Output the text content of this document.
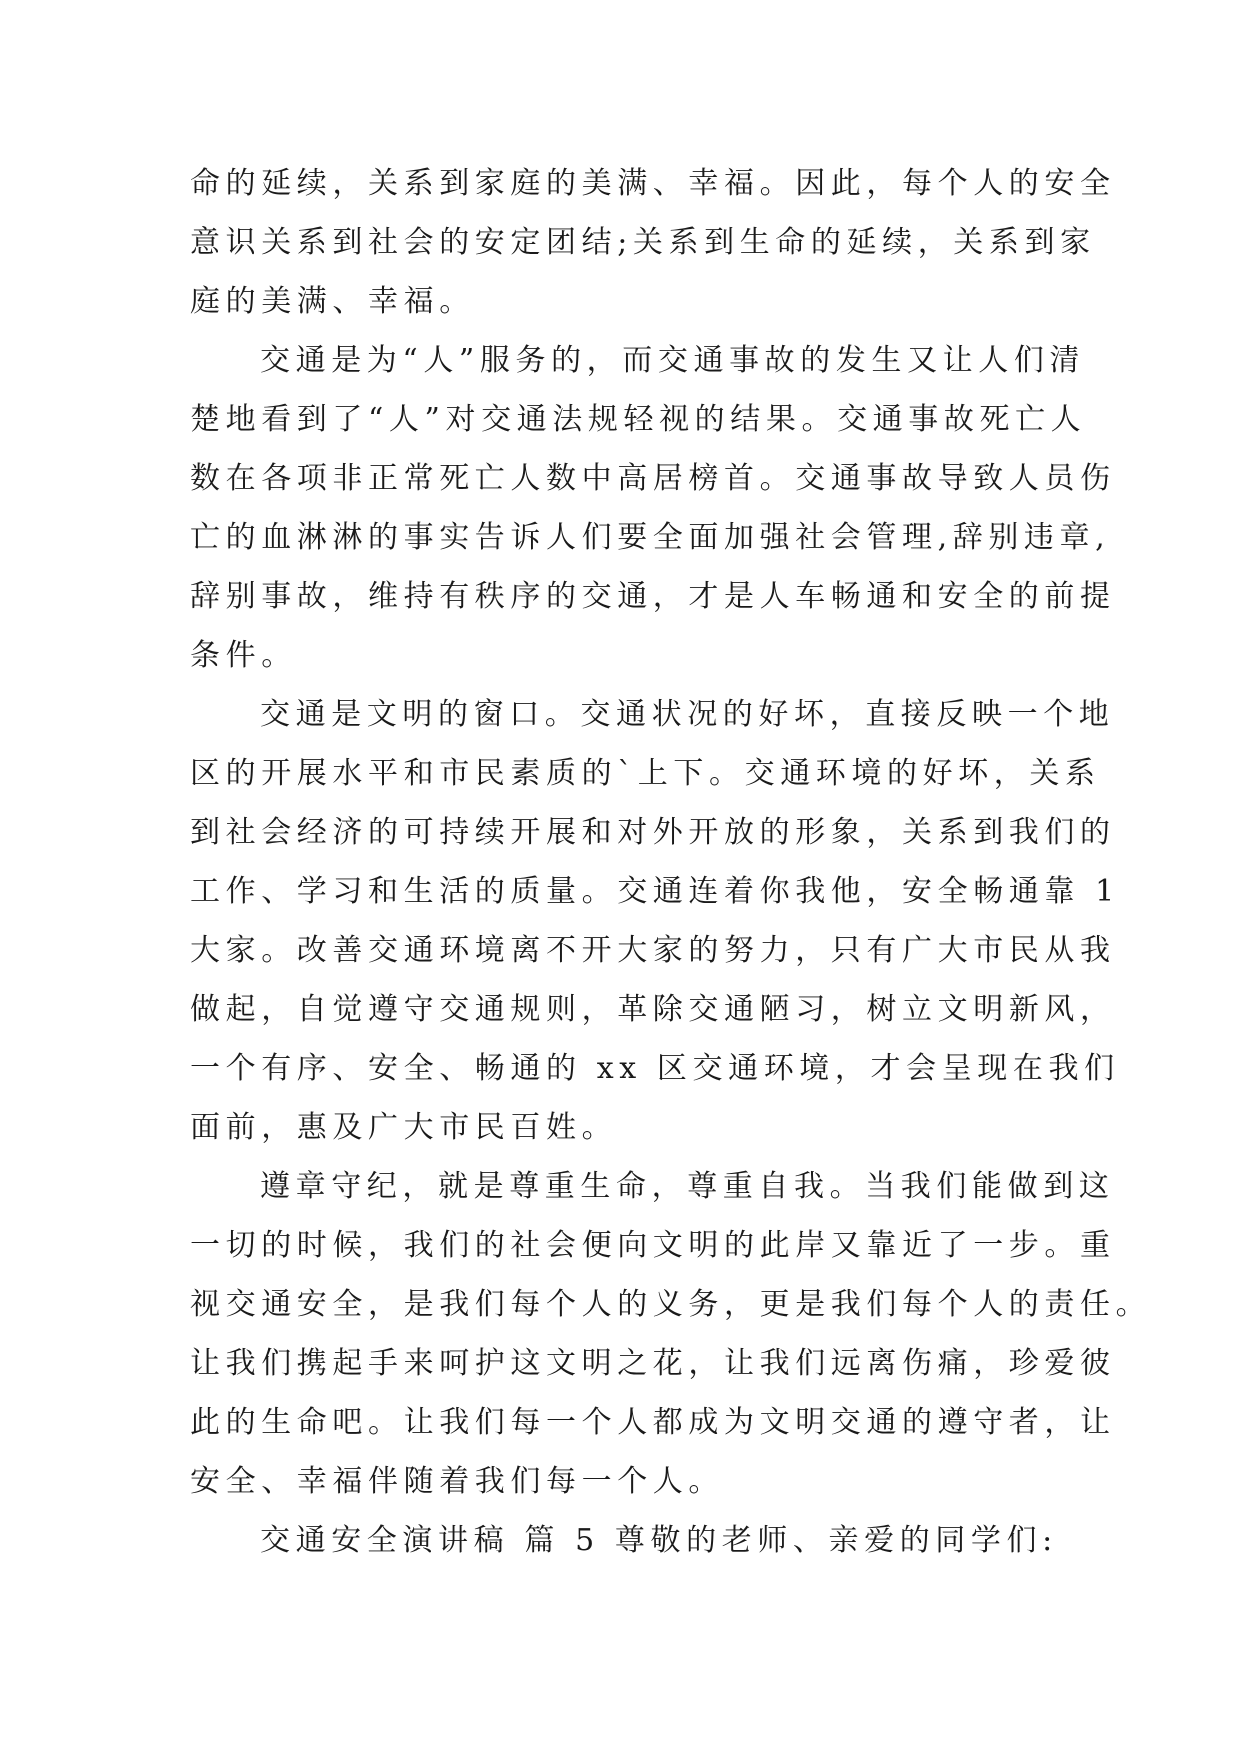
命的延续，关系到家庭的美满、幸福。因此，每个人的安全

意识关系到社会的安定团结;关系到生命的延续，关系到家

庭的美满、幸福。

交通是为“人”服务的，而交通事故的发生又让人们清

楚地看到了“人”对交通法规轻视的结果。交通事故死亡人

数在各项非正常死亡人数中高居榜首。交通事故导致人员伤

亡的血淋淋的事实告诉人们要全面加强社会管理,辞别违章,

辞别事故，维持有秩序的交通，才是人车畅通和安全的前提

条件。

交通是文明的窗口。交通状况的好坏，直接反映一个地

区的开展水平和市民素质的`上下。交通环境的好坏，关系

到社会经济的可持续开展和对外开放的形象，关系到我们的

工作、学习和生活的质量。交通连着你我他，安全畅通靠 1

大家。改善交通环境离不开大家的努力，只有广大市民从我

做起，自觉遵守交通规则，革除交通陋习，树立文明新风，

一个有序、安全、畅通的 xx 区交通环境，才会呈现在我们

面前，惠及广大市民百姓。

遵章守纪，就是尊重生命，尊重自我。当我们能做到这

一切的时候，我们的社会便向文明的此岸又靠近了一步。重

视交通安全，是我们每个人的义务，更是我们每个人的责任。

让我们携起手来呵护这文明之花，让我们远离伤痛，珍爱彼

此的生命吧。让我们每一个人都成为文明交通的遵守者，让

安全、幸福伴随着我们每一个人。

交通安全演讲稿 篇 5 尊敬的老师、亲爱的同学们:
